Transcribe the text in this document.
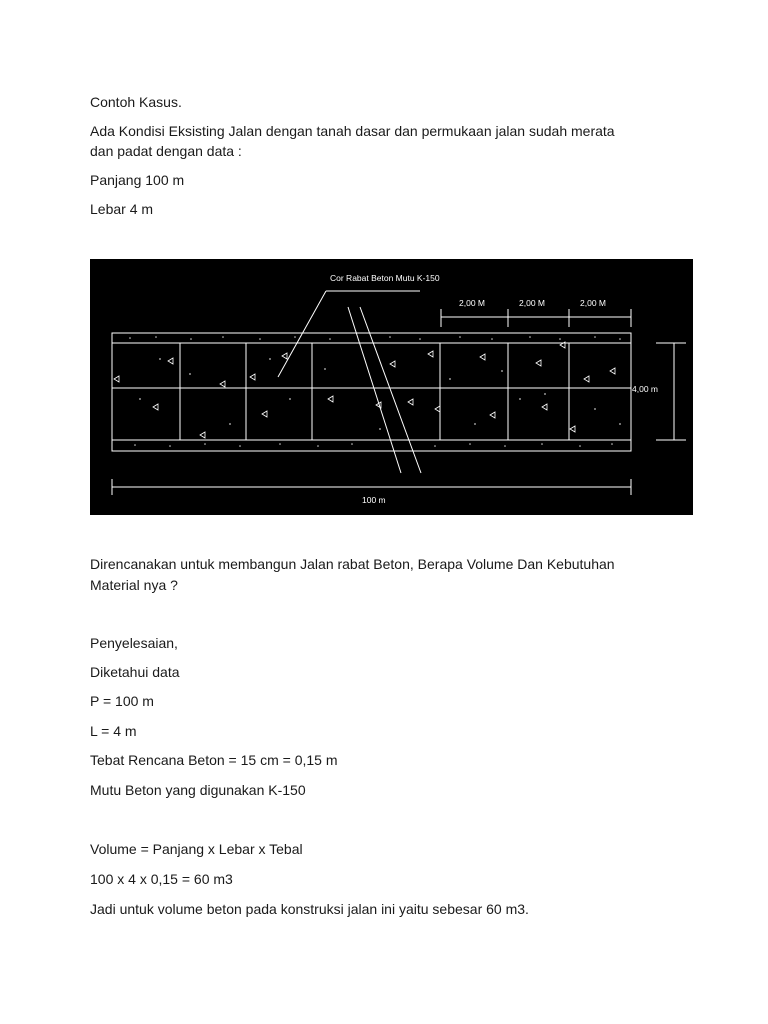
Contoh Kasus.

Ada Kondisi Eksisting Jalan dengan tanah dasar dan permukaan jalan sudah merata

dan padat dengan data :

Panjang 100 m

Lebar 4 m

Cor Rabat Beton Mutu K-150
2,00 M	2,00 M	2,00 M
4,00 m
100 m

Direncanakan untuk membangun Jalan rabat Beton, Berapa Volume Dan Kebutuhan

Material nya ?

Penyelesaian,

Diketahui data

P = 100 m

L = 4 m

Tebat Rencana Beton = 15 cm = 0,15 m

Mutu Beton yang digunakan K-150

Volume = Panjang x Lebar x Tebal

100 x 4 x 0,15 = 60 m3

Jadi untuk volume beton pada konstruksi jalan ini yaitu sebesar 60 m3.
